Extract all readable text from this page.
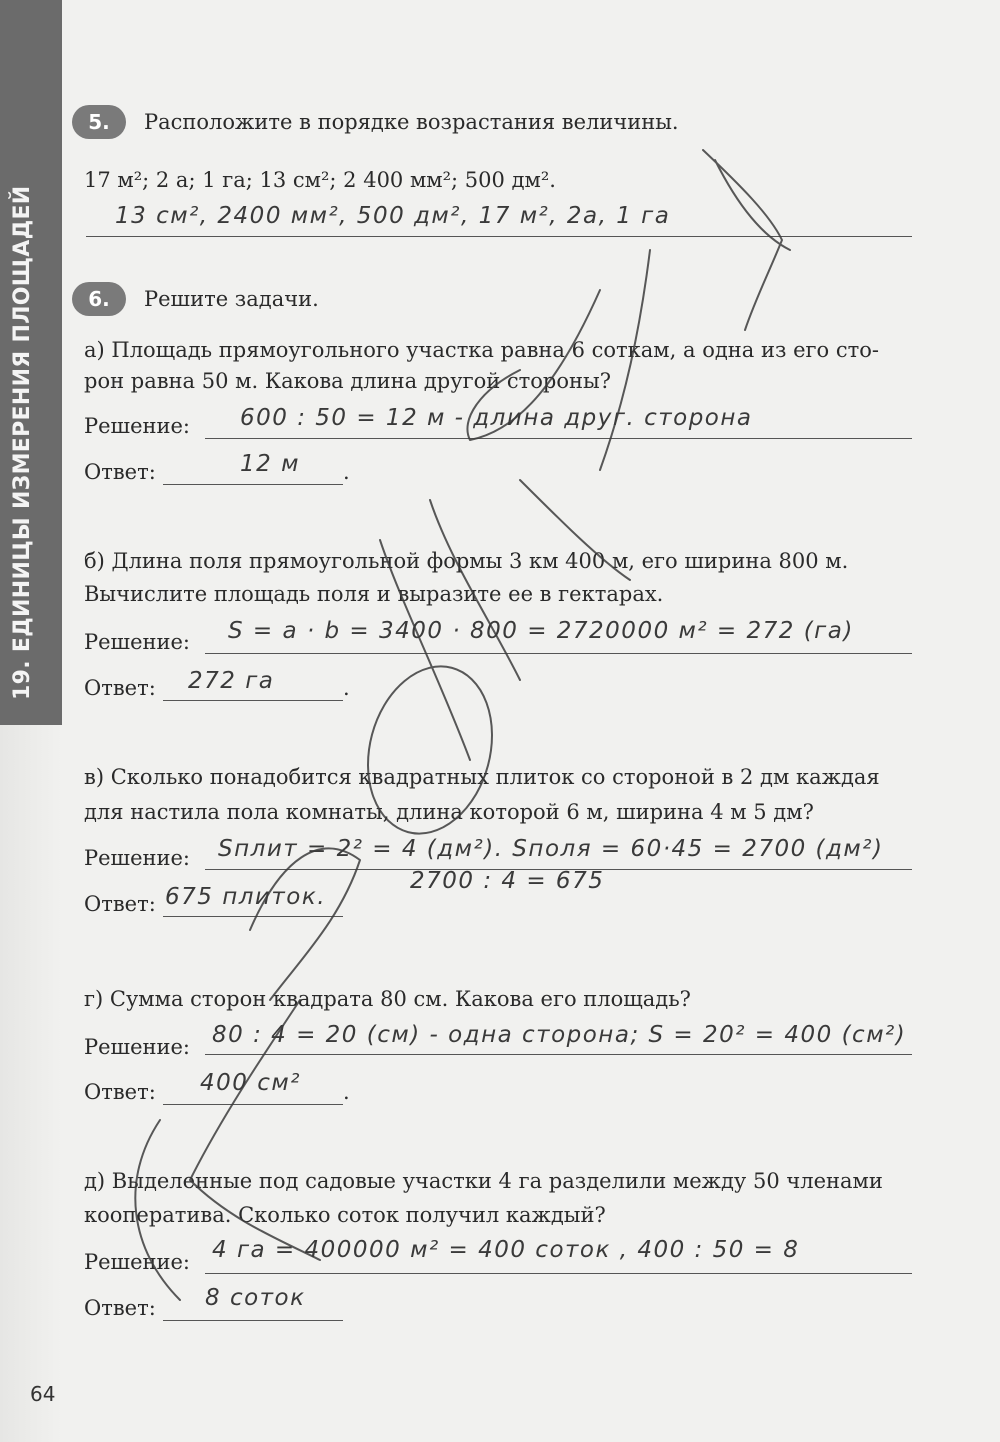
19. ЕДИНИЦЫ ИЗМЕРЕНИЯ ПЛОЩАДЕЙ
5.	Расположите в порядке возрастания величины.
17 м²; 2 а; 1 га; 13 см²; 2 400 мм²; 500 дм².
13 см², 2400 мм², 500 дм², 17 м², 2а, 1 га
6.	Решите задачи.
а) Площадь прямоугольного участка равна 6 соткам, а одна из его сто-
рон равна 50 м. Какова длина другой стороны?
Решение: 600 : 50 = 12 м - длина друг. сторона
Ответ:	12 м .
б) Длина поля прямоугольной формы 3 км 400 м, его ширина 800 м.
Вычислите площадь поля и выразите ее в гектарах.
Решение: S = a · b = 3400 · 800 = 2720000 м² = 272 (га)
Ответ: 272 га	.
в) Сколько понадобится квадратных плиток со стороной в 2 дм каждая
для настила пола комнаты, длина которой 6 м, ширина 4 м 5 дм?
Решение: Sплит = 2² = 4 (дм²). Sполя = 60·45 = 2700 (дм²)
2700 : 4 = 675
Ответ: 675 плиток.
г) Сумма сторон квадрата 80 см. Какова его площадь?
Решение: 80 : 4 = 20 (см) - одна сторона; S = 20² = 400 (см²)
Ответ: 400 см² .
д) Выделенные под садовые участки 4 га разделили между 50 членами
кооператива. Сколько соток получил каждый?
Решение: 4 га = 400000 м² = 400 соток , 400 : 50 = 8
Ответ: 8 соток
64
